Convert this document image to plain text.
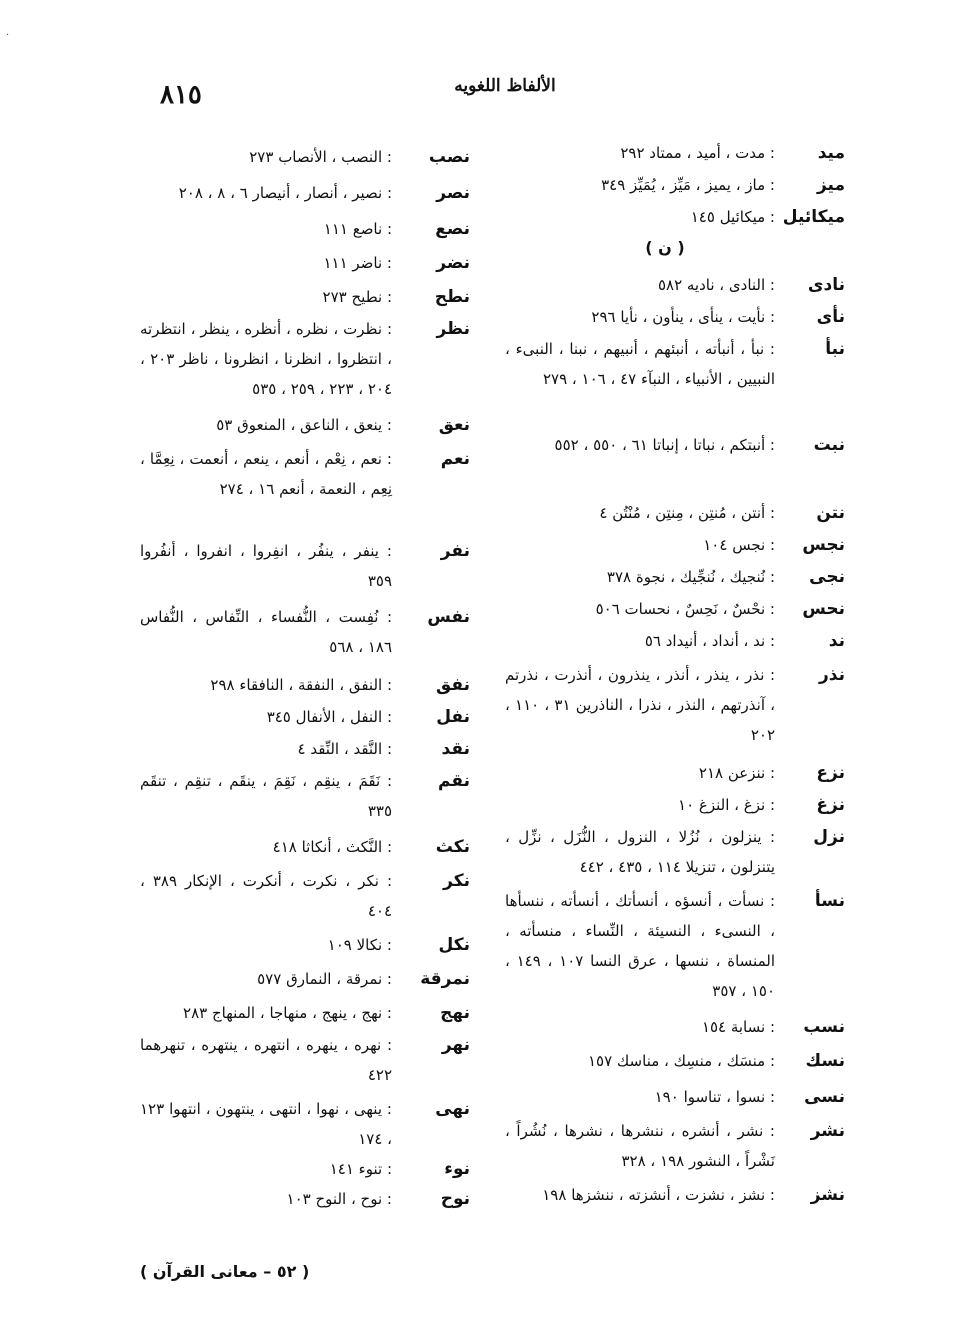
·
الألفاظ اللغويه
٨١٥
ميد
: مدت ، أميد ، ممتاد ٢٩٢
ميز
: ماز ، يميز ، مَيِّز ، يُمَيِّز ٣٤٩
ميكائيل
: ميكائيل ١٤٥
( ن )
نادى
: النادى ، ناديه ٥٨٢
نأى
: نأيت ، ينأى ، ينأون ، نأيا ٢٩٦
نبأ
: نبأ ، أنبأته ، أنبئهم ، أنبيهم ، نبنا ، النبىء ، النبيين ، الأنبياء ، النبآء ٤٧ ، ١٠٦ ، ٢٧٩
نبت
: أنبتكم ، نباتا ، إنباتا ٦١ ، ٥٥٠ ، ٥٥٢
نتن
: أنتن ، مُنتِن ، مِنتِن ، مُنْتُن ٤
نجس
: نجس ١٠٤
نجى
: نُنجيك ، نُنجِّيك ، نجوة ٣٧٨
نحس
: نحْسٌ ، نَحِسٌ ، نحسات ٥٠٦
ند
: ند ، أنداد ، أنيداد ٥٦
نذر
: نذر ، ينذر ، أنذر ، ينذرون ، أنذرت ، نذرتم ، آنذرتهم ، النذر ، نذرا ، الناذرين ٣١ ، ١١٠ ، ٢٠٢
نزع
: ننزعن ٢١٨
نزغ
: نزغ ، النزغ ١٠
نزل
: ينزلون ، نُزُلا ، النزول ، النُّزَل ، نزِّل ، يتنزلون ، تنزيلا ١١٤ ، ٤٣٥ ، ٤٤٢
نسأ
: نسأت ، أنسؤه ، أنسأتك ، أنسأته ، ننسأها ، النسىء ، النسيئة ، النِّساء ، منسأته ، المنساة ، ننسها ، عرق النسا ١٠٧ ، ١٤٩ ، ١٥٠ ، ٣٥٧
نسب
: نسابة ١٥٤
نسك
: منسَك ، منسِك ، مناسك ١٥٧
نسى
: نسوا ، تناسوا ١٩٠
نشر
: نشر ، أنشره ، ننشرها ، نشرها ، نُشُراً ، نَشْراً ، النشور ١٩٨ ، ٣٢٨
نشز
: نشز ، نشزت ، أنشزته ، ننشزها ١٩٨
نصب
: النصب ، الأنصاب ٢٧٣
نصر
: نصير ، أنصار ، أنيصار ٦ ، ٨ ، ٢٠٨
نصع
: ناصع ١١١
نضر
: ناضر ١١١
نطح
: نطيح ٢٧٣
نظر
: نظرت ، نظره ، أنظره ، ينظر ، انتظرته ، انتظروا ، انظرنا ، انظرونا ، ناظر ٢٠٣ ، ٢٠٤ ، ٢٢٣ ، ٢٥٩ ، ٥٣٥
نعق
: ينعق ، الناعق ، المنعوق ٥٣
نعم
: نعم ، نِعْم ، أنعم ، ينعم ، أنعمت ، نِعِمَّا ، نِعِم ، النعمة ، أنعم ١٦ ، ٢٧٤
نفر
: ينفر ، ينفُر ، انفِروا ، انفروا ، أنفُروا ٣٥٩
نفس
: نُفِست ، النُّفساء ، النِّفاس ، النُّفاس ١٨٦ ، ٥٦٨
نفق
: النفق ، النفقة ، النافقاء ٢٩٨
نفل
: النفل ، الأنفال ٣٤٥
نقد
: النَّقد ، النِّقد ٤
نقم
: نَقَمَ ، ينقِم ، نَقِمَ ، ينقَم ، تنقِم ، تنقَم ٣٣٥
نكث
: النَّكث ، أنكاثا ٤١٨
نكر
: نكر ، نكرت ، أنكرت ، الإنكار ٣٨٩ ، ٤٠٤
نكل
: نكالا ١٠٩
نمرقة
: نمرقة ، النمارق ٥٧٧
نهج
: نهج ، ينهج ، منهاجا ، المنهاج ٢٨٣
نهر
: نهره ، ينهره ، انتهره ، ينتهره ، تنهرهما ٤٢٢
نهى
: ينهى ، نهوا ، انتهى ، ينتهون ، انتهوا ١٢٣ ، ١٧٤
نوء
: تنوء ١٤١
نوح
: نوح ، النوح ١٠٣
( ٥٢ – معانى القرآن )
